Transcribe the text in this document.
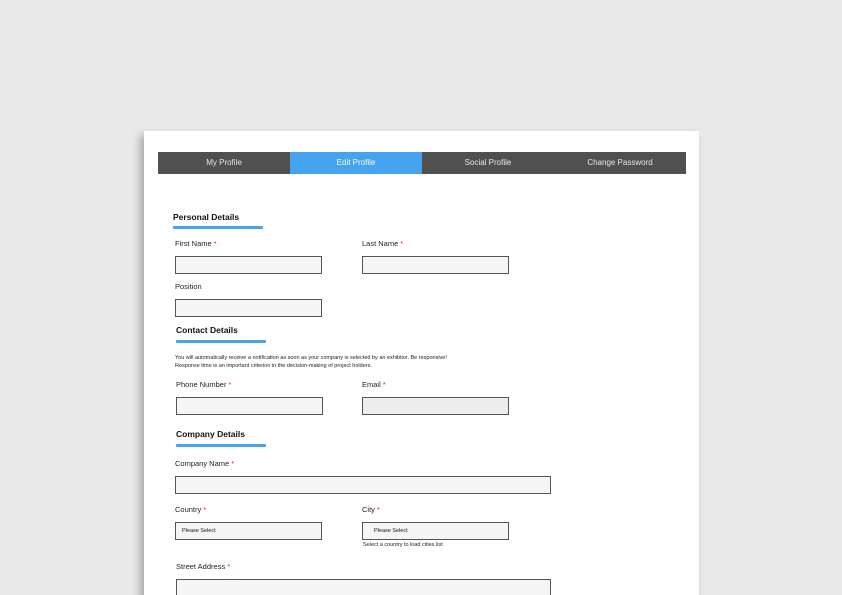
My Profile	Edit Profile	Social Profile	Change Password
Personal Details
First Name *	Last Name *
Position
Contact Details
You will automatically receive a notification as soon as your company is selected by an exhibitor. Be responsive!
Response time is an important criterion in the decision-making of project holders.
Phone Number *	Email *
Company Details
Company Name *
Country *
Please Select
City *
Please Select
Select a country to load cities list
Street Address *
